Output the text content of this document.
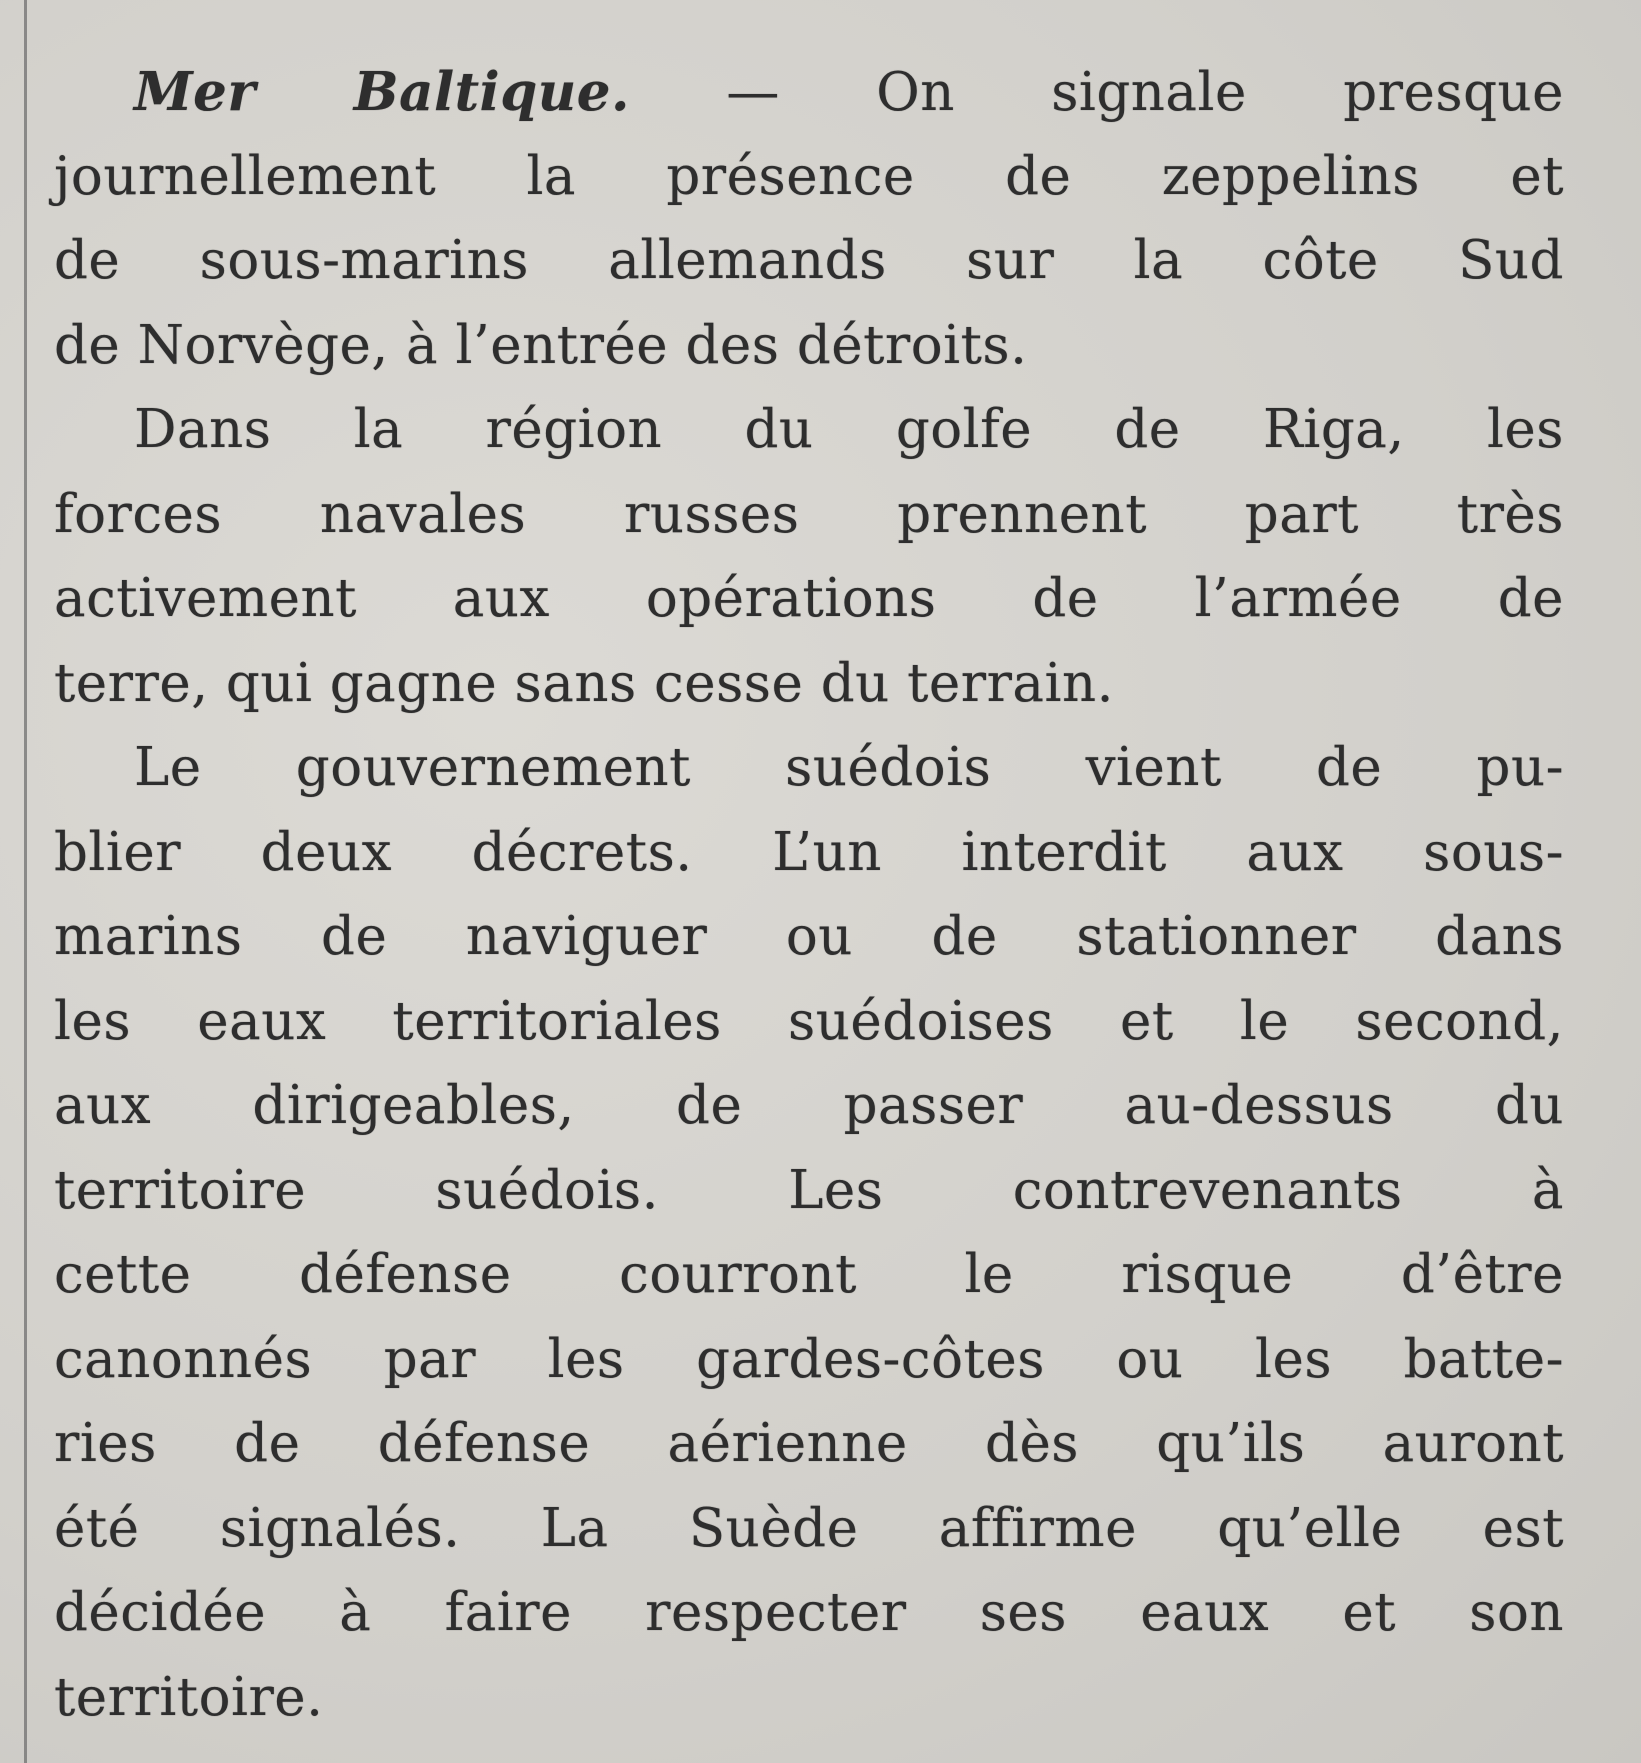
Mer Baltique. — On signale presque
journellement la présence de zeppelins et
de sous-marins allemands sur la côte Sud
de Norvège, à l’entrée des détroits.
Dans la région du golfe de Riga, les
forces navales russes prennent part très
activement aux opérations de l’armée de
terre, qui gagne sans cesse du terrain.
Le gouvernement suédois vient de pu-
blier deux décrets. L’un interdit aux sous-
marins de naviguer ou de stationner dans
les eaux territoriales suédoises et le second,
aux dirigeables, de passer au-dessus du
territoire suédois. Les contrevenants à
cette défense courront le risque d’être
canonnés par les gardes-côtes ou les batte-
ries de défense aérienne dès qu’ils auront
été signalés. La Suède affirme qu’elle est
décidée à faire respecter ses eaux et son
territoire.
